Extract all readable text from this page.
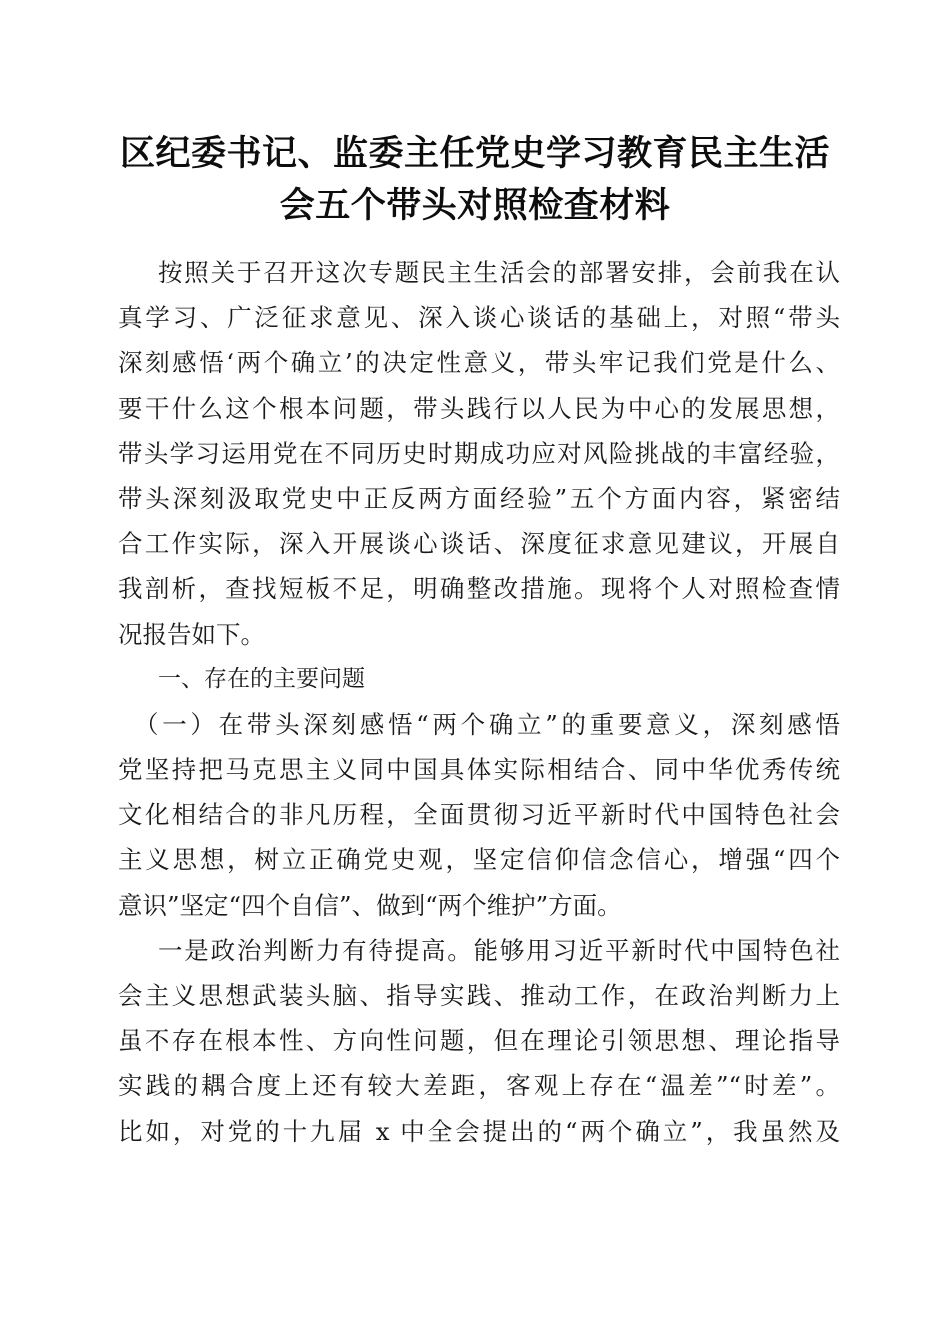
区纪委书记、监委主任党史学习教育民主生活
会五个带头对照检查材料
按照关于召开这次专题民主生活会的部署安排，会前我在认
真学习、广泛征求意见、深入谈心谈话的基础上，对照“带头
深刻感悟‘两个确立’的决定性意义，带头牢记我们党是什么、
要干什么这个根本问题，带头践行以人民为中心的发展思想，
带头学习运用党在不同历史时期成功应对风险挑战的丰富经验，
带头深刻汲取党史中正反两方面经验”五个方面内容，紧密结
合工作实际，深入开展谈心谈话、深度征求意见建议，开展自
我剖析，查找短板不足，明确整改措施。现将个人对照检查情
况报告如下。
一、存在的主要问题
（一）在带头深刻感悟“两个确立”的重要意义，深刻感悟
党坚持把马克思主义同中国具体实际相结合、同中华优秀传统
文化相结合的非凡历程，全面贯彻习近平新时代中国特色社会
主义思想，树立正确党史观，坚定信仰信念信心，增强“四个
意识”坚定“四个自信”、做到“两个维护”方面。
一是政治判断力有待提高。能够用习近平新时代中国特色社
会主义思想武装头脑、指导实践、推动工作，在政治判断力上
虽不存在根本性、方向性问题，但在理论引领思想、理论指导
实践的耦合度上还有较大差距，客观上存在“温差”“时差”。
比如，对党的十九届 x 中全会提出的“两个确立”，我虽然及
